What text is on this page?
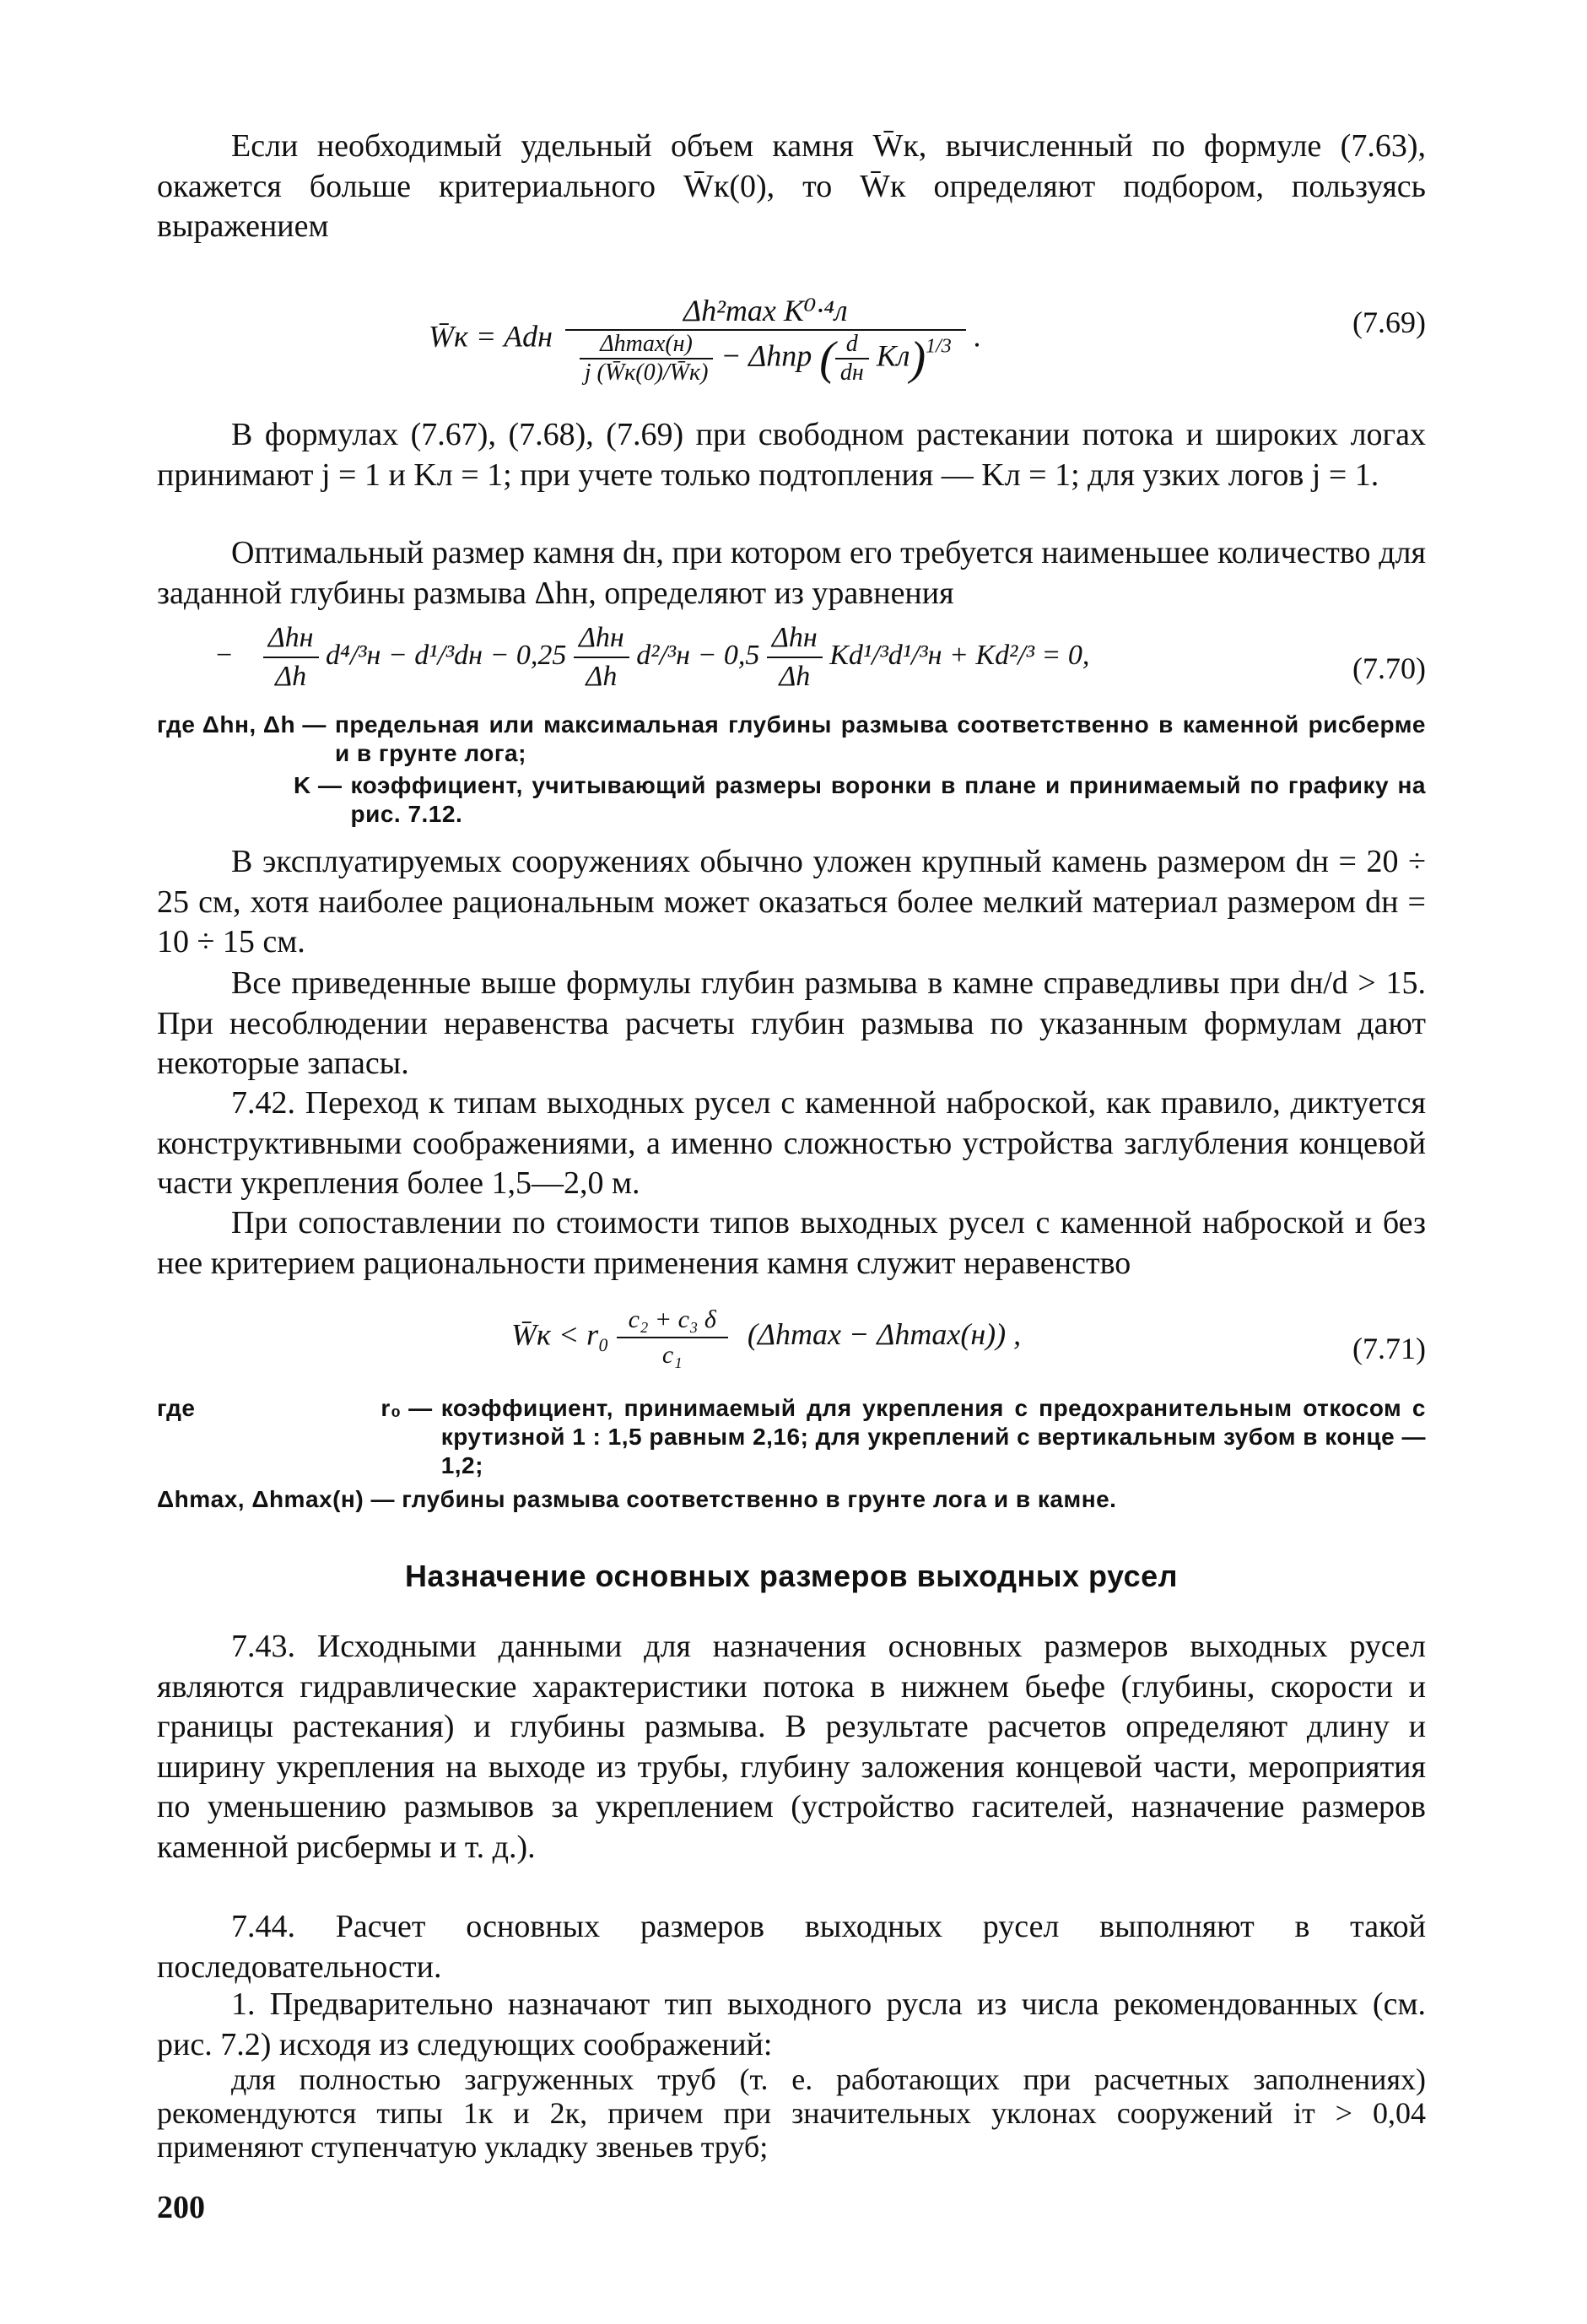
Если необходимый удельный объем камня W̄к, вычисленный по формуле (7.63), окажется больше критериального W̄к(0), то W̄к определяют подбором, пользуясь выражением

W̄к = Adн
Δh²max K⁰·⁴л
$\frac{\Delta hmax(н)}{j (W̄к(0)/W̄к)} - \Delta hпр$ ( $\frac{d}{dн} Kл)^{1/3}$ .	(7.69)

В формулах (7.67), (7.68), (7.69) при свободном растекании потока и широких логах принимают j = 1 и Kл = 1; при учете только подтопления — Kл = 1; для узких логов j = 1.

Оптимальный размер камня dн, при котором его требуется наименьшее количество для заданной глубины размыва Δhн, определяют из уравнения

− $\frac{\text{Δhн}}{\Delta h} d^4/^3н - d^1/^3dн - 0,25 \frac{\text{Δhн}}{\Delta h} d^2/^3н - 0,5 \frac{\text{Δhн}}{\Delta h} Kd^1/^3d^1/^3н + Kd^2/^3 = 0$,	(7.70)
где Δhн, Δh — предельная или максимальная глубины размыва соответственно в каменной рисберме и в грунте лога;
K — коэффициент, учитывающий размеры воронки в плане и принимаемый по графику на рис. 7.12.

В эксплуатируемых сооружениях обычно уложен крупный камень размером dн = 20 ÷ 25 см, хотя наиболее рациональным может оказаться более мелкий материал размером dн = 10 ÷ 15 см.

Все приведенные выше формулы глубин размыва в камне справедливы при dн/d > 15. При несоблюдении неравенства расчеты глубин размыва по указанным формулам дают некоторые запасы.

7.42. Переход к типам выходных русел с каменной наброской, как правило, диктуется конструктивными соображениями, а именно сложностью устройства заглубления концевой части укрепления более 1,5—2,0 м.

При сопоставлении по стоимости типов выходных русел с каменной наброской и без нее критерием рациональности применения камня служит неравенство

W̄к < $r_0 \frac{\text{c₂ + c₃ δ}}{\text{c₁}} (\Delta hmax - \Delta hmax(н))$ ,	(7.71)
где	r₀ — коэффициент, принимаемый для укрепления с предохранительным откосом с крутизной 1 : 1,5 равным 2,16; для укреплений с вертикальным зубом в конце — 1,2;
Δhmax, Δhmax(н) — глубины размыва соответственно в грунте лога и в камне.
Назначение основных размеров выходных русел

7.43. Исходными данными для назначения основных размеров выходных русел являются гидравлические характеристики потока в нижнем бьефе (глубины, скорости и границы растекания) и глубины размыва. В результате расчетов определяют длину и ширину укрепления на выходе из трубы, глубину заложения концевой части, мероприятия по уменьшению размывов за укреплением (устройство гасителей, назначение размеров каменной рисбермы и т. д.).

7.44. Расчет основных размеров выходных русел выполняют в такой последовательности.

1. Предварительно назначают тип выходного русла из числа рекомендованных (см. рис. 7.2) исходя из следующих соображений:

для полностью загруженных труб (т. е. работающих при расчетных заполнениях) рекомендуются типы 1к и 2к, причем при значительных уклонах сооружений iт > 0,04 применяют ступенчатую укладку звеньев труб;

200
